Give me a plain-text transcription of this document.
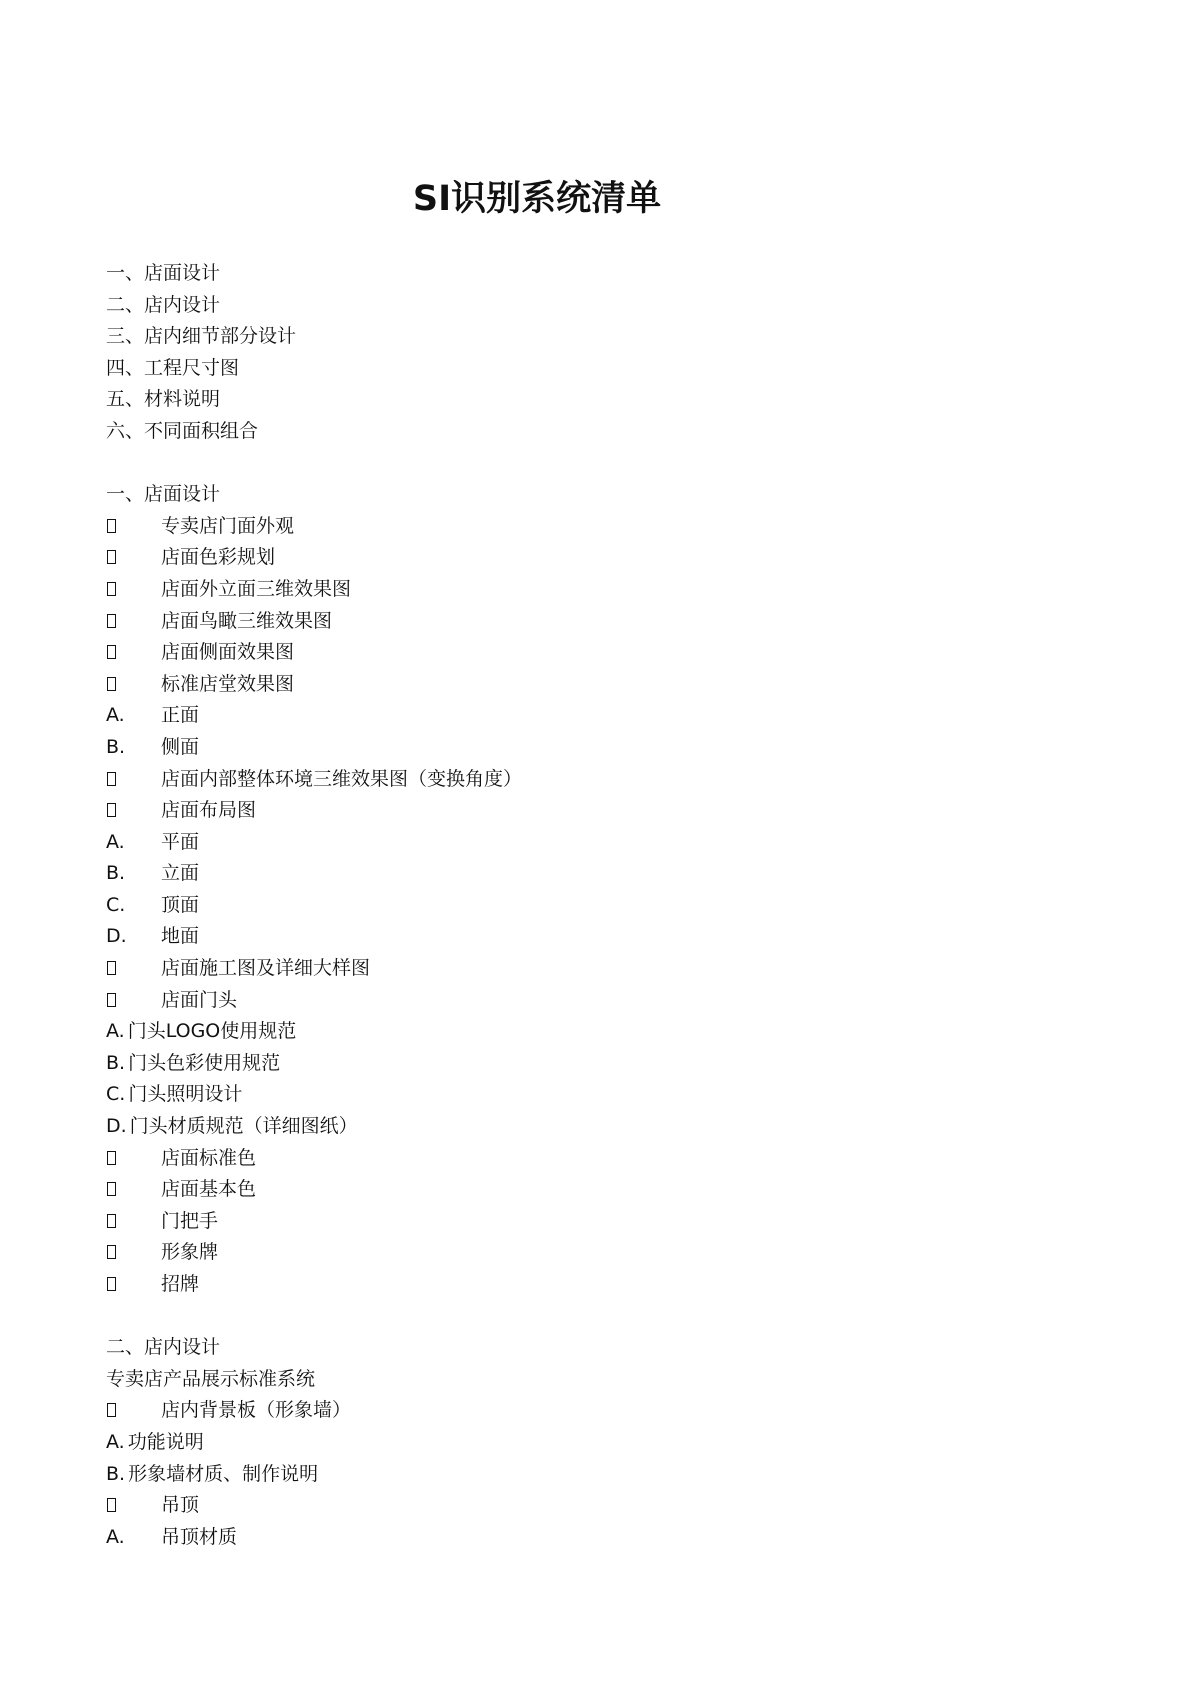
SI识别系统清单
一、店面设计
二、店内设计
三、店内细节部分设计
四、工程尺寸图
五、材料说明
六、不同面积组合
一、店面设计
专卖店门面外观
店面色彩规划
店面外立面三维效果图
店面鸟瞰三维效果图
店面侧面效果图
标准店堂效果图
A. 正面
B. 侧面
店面内部整体环境三维效果图（变换角度）
店面布局图
A. 平面
B. 立面
C. 顶面
D. 地面
店面施工图及详细大样图
店面门头
A. 门头LOGO使用规范
B. 门头色彩使用规范
C. 门头照明设计
D. 门头材质规范（详细图纸）
店面标准色
店面基本色
门把手
形象牌
招牌
二、店内设计
专卖店产品展示标准系统
店内背景板（形象墙）
A. 功能说明
B. 形象墙材质、制作说明
吊顶
A. 吊顶材质
